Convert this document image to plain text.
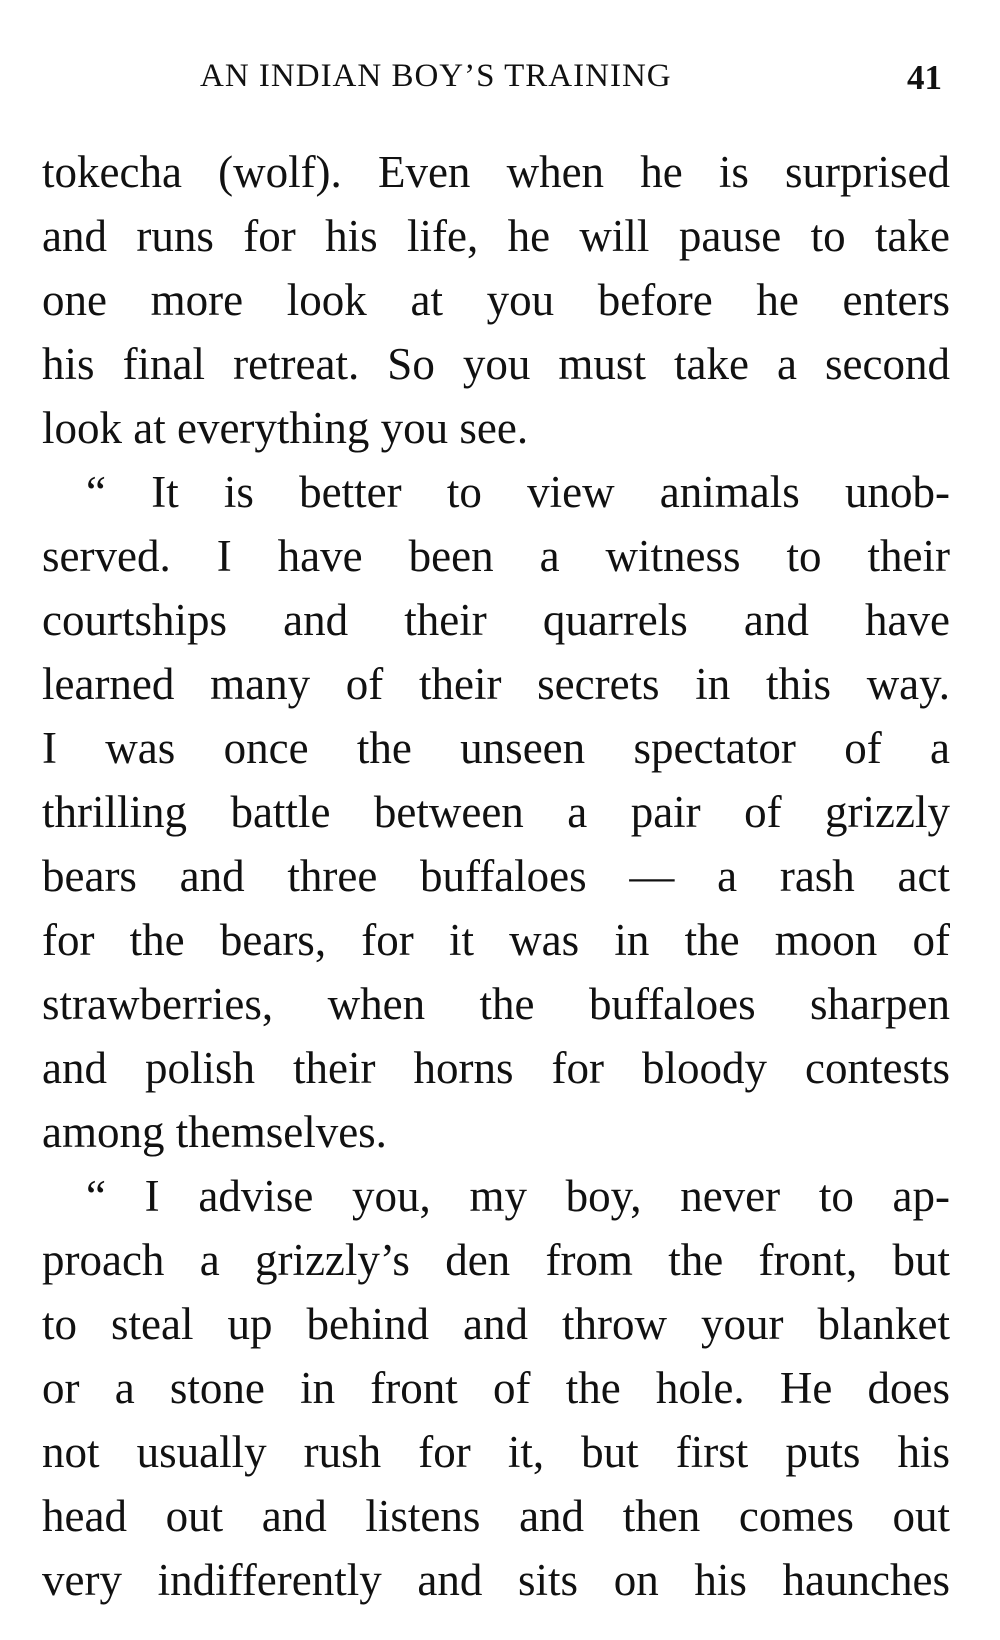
AN INDIAN BOY’S TRAINING	41
tokecha (wolf). Even when he is surprised
and runs for his life, he will pause to take
one more look at you before he enters
his final retreat. So you must take a second
look at everything you see.
“ It is better to view animals unob-
served. I have been a witness to their
courtships and their quarrels and have
learned many of their secrets in this way.
I was once the unseen spectator of a
thrilling battle between a pair of grizzly
bears and three buffaloes — a rash act
for the bears, for it was in the moon of
strawberries, when the buffaloes sharpen
and polish their horns for bloody contests
among themselves.
“ I advise you, my boy, never to ap-
proach a grizzly’s den from the front, but
to steal up behind and throw your blanket
or a stone in front of the hole. He does
not usually rush for it, but first puts his
head out and listens and then comes out
very indifferently and sits on his haunches
